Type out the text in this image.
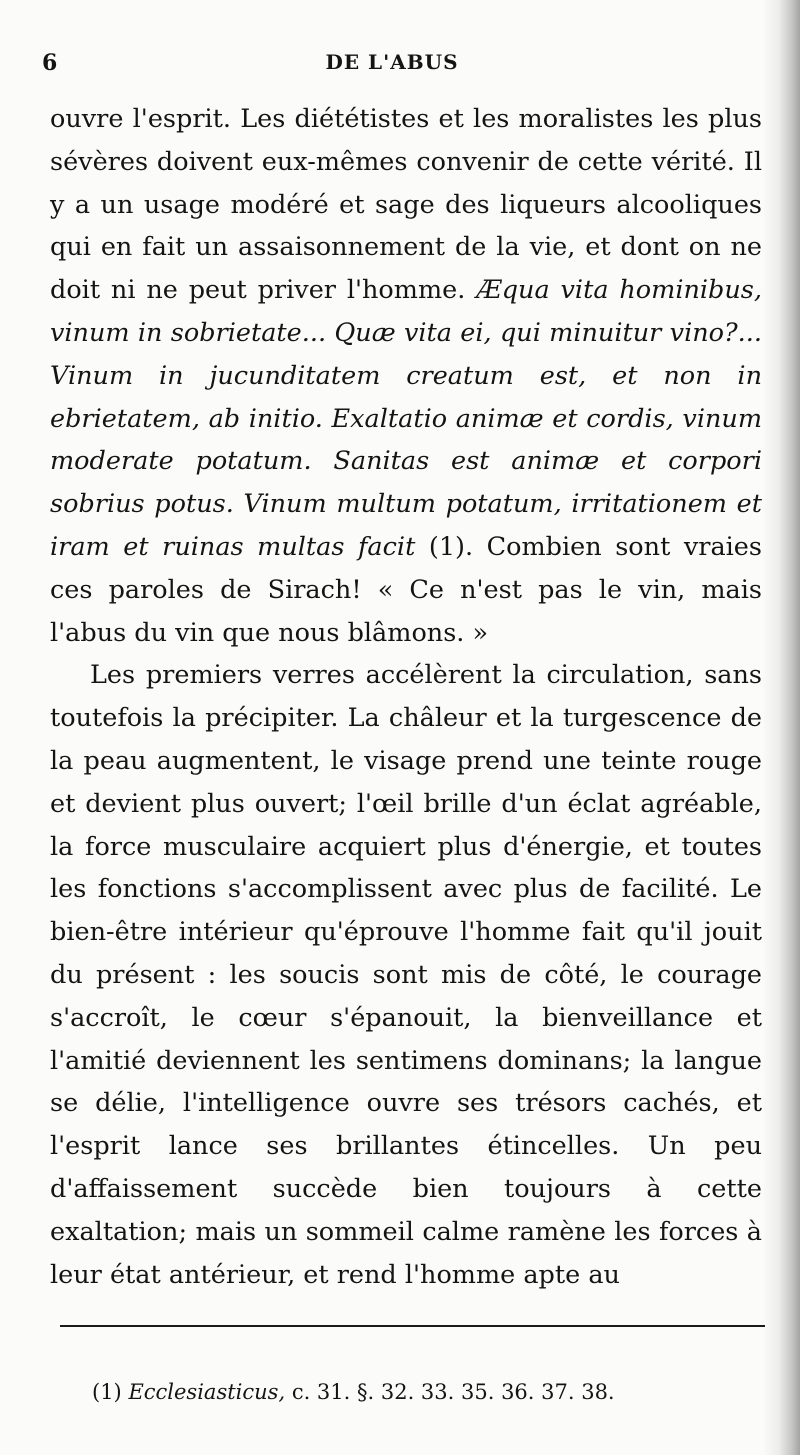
6	DE L'ABUS

ouvre l'esprit. Les diététistes et les moralistes les plus sévères doivent eux-mêmes convenir de cette vérité. Il y a un usage modéré et sage des liqueurs alcooliques qui en fait un assaisonnement de la vie, et dont on ne doit ni ne peut priver l'homme. Æqua vita hominibus, vinum in sobrietate... Quæ vita ei, qui minuitur vino?... Vinum in jucunditatem creatum est, et non in ebrietatem, ab initio. Exaltatio animæ et cordis, vinum moderate potatum. Sanitas est animæ et corpori sobrius potus. Vinum multum potatum, irritationem et iram et ruinas multas facit (1). Combien sont vraies ces paroles de Sirach! « Ce n'est pas le vin, mais l'abus du vin que nous blâmons. »

Les premiers verres accélèrent la circulation, sans toutefois la précipiter. La châleur et la turgescence de la peau augmentent, le visage prend une teinte rouge et devient plus ouvert; l'œil brille d'un éclat agréable, la force musculaire acquiert plus d'énergie, et toutes les fonctions s'accomplissent avec plus de facilité. Le bien-être intérieur qu'éprouve l'homme fait qu'il jouit du présent : les soucis sont mis de côté, le courage s'accroît, le cœur s'épanouit, la bienveillance et l'amitié deviennent les sentimens dominans; la langue se délie, l'intelligence ouvre ses trésors cachés, et l'esprit lance ses brillantes étincelles. Un peu d'affaissement succède bien toujours à cette exaltation; mais un sommeil calme ramène les forces à leur état antérieur, et rend l'homme apte au

(1) Ecclesiasticus, c. 31. §. 32. 33. 35. 36. 37. 38.
